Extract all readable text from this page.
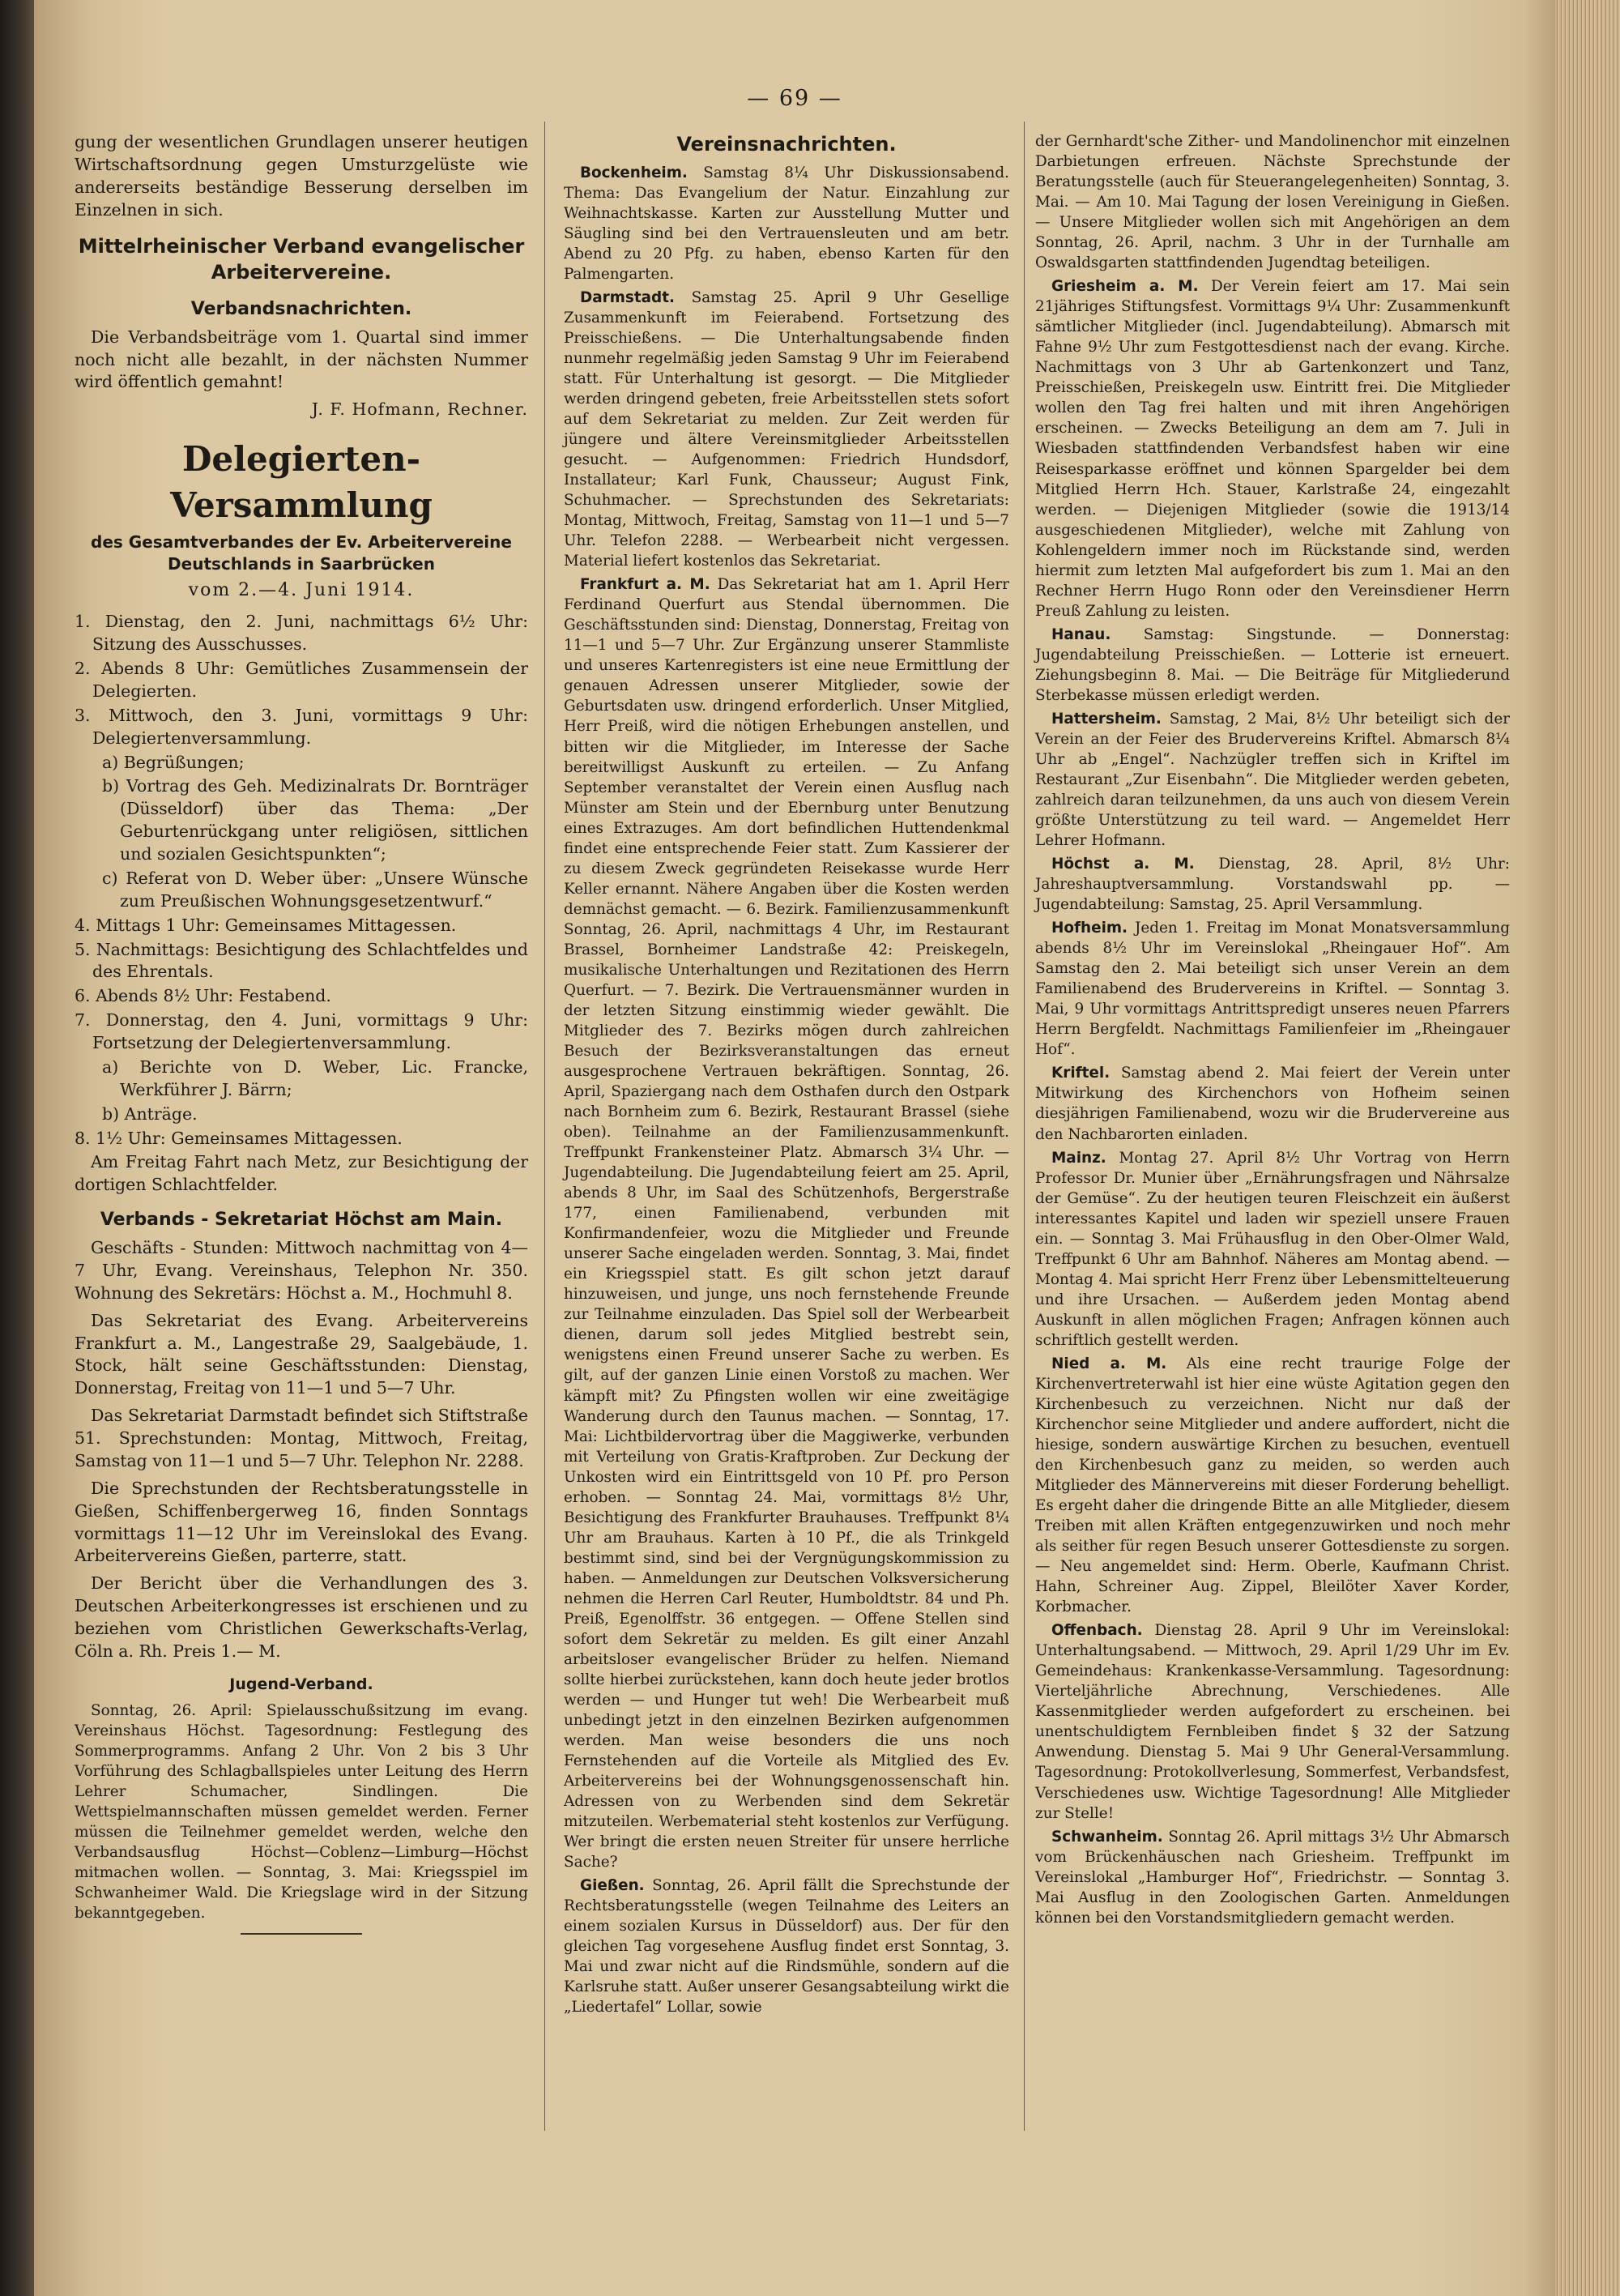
— 69 —

gung der wesentlichen Grundlagen unserer heutigen Wirtschaftsordnung gegen Umsturzgelüste wie andererseits beständige Besserung derselben im Einzelnen in sich.

Mittelrheinischer Verband evangelischer Arbeitervereine.
Verbandsnachrichten.

Die Verbandsbeiträge vom 1. Quartal sind immer noch nicht alle bezahlt, in der nächsten Nummer wird öffentlich gemahnt!

J. F. Hofmann, Rechner.
Delegierten-Versammlung
des Gesamtverbandes der Ev. Arbeitervereine Deutschlands in Saarbrücken
vom 2.—4. Juni 1914.
1. Dienstag, den 2. Juni, nachmittags 6½ Uhr: Sitzung des Ausschusses.
2. Abends 8 Uhr: Gemütliches Zusammensein der Delegierten.
3. Mittwoch, den 3. Juni, vormittags 9 Uhr: Delegiertenversammlung.
a) Begrüßungen;
b) Vortrag des Geh. Medizinalrats Dr. Bornträger (Düsseldorf) über das Thema: „Der Geburtenrückgang unter religiösen, sittlichen und sozialen Gesichtspunkten“;
c) Referat von D. Weber über: „Unsere Wünsche zum Preußischen Wohnungsgesetzentwurf.“
4. Mittags 1 Uhr: Gemeinsames Mittagessen.
5. Nachmittags: Besichtigung des Schlachtfeldes und des Ehrentals.
6. Abends 8½ Uhr: Festabend.
7. Donnerstag, den 4. Juni, vormittags 9 Uhr: Fortsetzung der Delegiertenversammlung.
a) Berichte von D. Weber, Lic. Francke, Werkführer J. Bärrn;
b) Anträge.
8. 1½ Uhr: Gemeinsames Mittagessen.

Am Freitag Fahrt nach Metz, zur Besichtigung der dortigen Schlachtfelder.

Verbands - Sekretariat Höchst am Main.

Geschäfts - Stunden: Mittwoch nachmittag von 4—7 Uhr, Evang. Vereinshaus, Telephon Nr. 350. Wohnung des Sekretärs: Höchst a. M., Hochmuhl 8.

Das Sekretariat des Evang. Arbeitervereins Frankfurt a. M., Langestraße 29, Saalgebäude, 1. Stock, hält seine Geschäftsstunden: Dienstag, Donnerstag, Freitag von 11—1 und 5—7 Uhr.

Das Sekretariat Darmstadt befindet sich Stiftstraße 51. Sprechstunden: Montag, Mittwoch, Freitag, Samstag von 11—1 und 5—7 Uhr. Telephon Nr. 2288.

Die Sprechstunden der Rechtsberatungsstelle in Gießen, Schiffenbergerweg 16, finden Sonntags vormittags 11—12 Uhr im Vereinslokal des Evang. Arbeitervereins Gießen, parterre, statt.

Der Bericht über die Verhandlungen des 3. Deutschen Arbeiterkongresses ist erschienen und zu beziehen vom Christlichen Gewerkschafts-Verlag, Cöln a. Rh. Preis 1.— M.

Jugend-Verband.

Sonntag, 26. April: Spielausschußsitzung im evang. Vereinshaus Höchst. Tagesordnung: Festlegung des Sommerprogramms. Anfang 2 Uhr. Von 2 bis 3 Uhr Vorführung des Schlagballspieles unter Leitung des Herrn Lehrer Schumacher, Sindlingen. Die Wettspielmannschaften müssen gemeldet werden. Ferner müssen die Teilnehmer gemeldet werden, welche den Verbandsausflug Höchst—Coblenz—Limburg—Höchst mitmachen wollen. — Sonntag, 3. Mai: Kriegsspiel im Schwanheimer Wald. Die Kriegslage wird in der Sitzung bekanntgegeben.

Vereinsnachrichten.

Bockenheim. Samstag 8¼ Uhr Diskussionsabend. Thema: Das Evangelium der Natur. Einzahlung zur Weihnachtskasse. Karten zur Ausstellung Mutter und Säugling sind bei den Vertrauensleuten und am betr. Abend zu 20 Pfg. zu haben, ebenso Karten für den Palmengarten.

Darmstadt. Samstag 25. April 9 Uhr Gesellige Zusammenkunft im Feierabend. Fortsetzung des Preisschießens. — Die Unterhaltungsabende finden nunmehr regelmäßig jeden Samstag 9 Uhr im Feierabend statt. Für Unterhaltung ist gesorgt. — Die Mitglieder werden dringend gebeten, freie Arbeitsstellen stets sofort auf dem Sekretariat zu melden. Zur Zeit werden für jüngere und ältere Vereinsmitglieder Arbeitsstellen gesucht. — Aufgenommen: Friedrich Hundsdorf, Installateur; Karl Funk, Chausseur; August Fink, Schuhmacher. — Sprechstunden des Sekretariats: Montag, Mittwoch, Freitag, Samstag von 11—1 und 5—7 Uhr. Telefon 2288. — Werbearbeit nicht vergessen. Material liefert kostenlos das Sekretariat.

Frankfurt a. M. Das Sekretariat hat am 1. April Herr Ferdinand Querfurt aus Stendal übernommen. Die Geschäftsstunden sind: Dienstag, Donnerstag, Freitag von 11—1 und 5—7 Uhr. Zur Ergänzung unserer Stammliste und unseres Kartenregisters ist eine neue Ermittlung der genauen Adressen unserer Mitglieder, sowie der Geburtsdaten usw. dringend erforderlich. Unser Mitglied, Herr Preiß, wird die nötigen Erhebungen anstellen, und bitten wir die Mitglieder, im Interesse der Sache bereitwilligst Auskunft zu erteilen. — Zu Anfang September veranstaltet der Verein einen Ausflug nach Münster am Stein und der Ebernburg unter Benutzung eines Extrazuges. Am dort befindlichen Huttendenkmal findet eine entsprechende Feier statt. Zum Kassierer der zu diesem Zweck gegründeten Reisekasse wurde Herr Keller ernannt. Nähere Angaben über die Kosten werden demnächst gemacht. — 6. Bezirk. Familienzusammenkunft Sonntag, 26. April, nachmittags 4 Uhr, im Restaurant Brassel, Bornheimer Landstraße 42: Preiskegeln, musikalische Unterhaltungen und Rezitationen des Herrn Querfurt. — 7. Bezirk. Die Vertrauensmänner wurden in der letzten Sitzung einstimmig wieder gewählt. Die Mitglieder des 7. Bezirks mögen durch zahlreichen Besuch der Bezirksveranstaltungen das erneut ausgesprochene Vertrauen bekräftigen. Sonntag, 26. April, Spaziergang nach dem Osthafen durch den Ostpark nach Bornheim zum 6. Bezirk, Restaurant Brassel (siehe oben). Teilnahme an der Familienzusammenkunft. Treffpunkt Frankensteiner Platz. Abmarsch 3¼ Uhr. — Jugendabteilung. Die Jugendabteilung feiert am 25. April, abends 8 Uhr, im Saal des Schützenhofs, Bergerstraße 177, einen Familienabend, verbunden mit Konfirmandenfeier, wozu die Mitglieder und Freunde unserer Sache eingeladen werden. Sonntag, 3. Mai, findet ein Kriegsspiel statt. Es gilt schon jetzt darauf hinzuweisen, und junge, uns noch fernstehende Freunde zur Teilnahme einzuladen. Das Spiel soll der Werbearbeit dienen, darum soll jedes Mitglied bestrebt sein, wenigstens einen Freund unserer Sache zu werben. Es gilt, auf der ganzen Linie einen Vorstoß zu machen. Wer kämpft mit? Zu Pfingsten wollen wir eine zweitägige Wanderung durch den Taunus machen. — Sonntag, 17. Mai: Lichtbildervortrag über die Maggiwerke, verbunden mit Verteilung von Gratis-Kraftproben. Zur Deckung der Unkosten wird ein Eintrittsgeld von 10 Pf. pro Person erhoben. — Sonntag 24. Mai, vormittags 8½ Uhr, Besichtigung des Frankfurter Brauhauses. Treffpunkt 8¼ Uhr am Brauhaus. Karten à 10 Pf., die als Trinkgeld bestimmt sind, sind bei der Vergnügungskommission zu haben. — Anmeldungen zur Deutschen Volksversicherung nehmen die Herren Carl Reuter, Humboldtstr. 84 und Ph. Preiß, Egenolffstr. 36 entgegen. — Offene Stellen sind sofort dem Sekretär zu melden. Es gilt einer Anzahl arbeitsloser evangelischer Brüder zu helfen. Niemand sollte hierbei zurückstehen, kann doch heute jeder brotlos werden — und Hunger tut weh! Die Werbearbeit muß unbedingt jetzt in den einzelnen Bezirken aufgenommen werden. Man weise besonders die uns noch Fernstehenden auf die Vorteile als Mitglied des Ev. Arbeitervereins bei der Wohnungsgenossenschaft hin. Adressen von zu Werbenden sind dem Sekretär mitzuteilen. Werbematerial steht kostenlos zur Verfügung. Wer bringt die ersten neuen Streiter für unsere herrliche Sache?

Gießen. Sonntag, 26. April fällt die Sprechstunde der Rechtsberatungsstelle (wegen Teilnahme des Leiters an einem sozialen Kursus in Düsseldorf) aus. Der für den gleichen Tag vorgesehene Ausflug findet erst Sonntag, 3. Mai und zwar nicht auf die Rindsmühle, sondern auf die Karlsruhe statt. Außer unserer Gesangsabteilung wirkt die „Liedertafel“ Lollar, sowie

der Gernhardt'sche Zither- und Mandolinenchor mit einzelnen Darbietungen erfreuen. Nächste Sprechstunde der Beratungsstelle (auch für Steuerangelegenheiten) Sonntag, 3. Mai. — Am 10. Mai Tagung der losen Vereinigung in Gießen. — Unsere Mitglieder wollen sich mit Angehörigen an dem Sonntag, 26. April, nachm. 3 Uhr in der Turnhalle am Oswaldsgarten stattfindenden Jugendtag beteiligen.

Griesheim a. M. Der Verein feiert am 17. Mai sein 21jähriges Stiftungsfest. Vormittags 9¼ Uhr: Zusammenkunft sämtlicher Mitglieder (incl. Jugendabteilung). Abmarsch mit Fahne 9½ Uhr zum Festgottesdienst nach der evang. Kirche. Nachmittags von 3 Uhr ab Gartenkonzert und Tanz, Preisschießen, Preiskegeln usw. Eintritt frei. Die Mitglieder wollen den Tag frei halten und mit ihren Angehörigen erscheinen. — Zwecks Beteiligung an dem am 7. Juli in Wiesbaden stattfindenden Verbandsfest haben wir eine Reisesparkasse eröffnet und können Spargelder bei dem Mitglied Herrn Hch. Stauer, Karlstraße 24, eingezahlt werden. — Diejenigen Mitglieder (sowie die 1913/14 ausgeschiedenen Mitglieder), welche mit Zahlung von Kohlengeldern immer noch im Rückstande sind, werden hiermit zum letzten Mal aufgefordert bis zum 1. Mai an den Rechner Herrn Hugo Ronn oder den Vereinsdiener Herrn Preuß Zahlung zu leisten.

Hanau. Samstag: Singstunde. — Donnerstag: Jugendabteilung Preisschießen. — Lotterie ist erneuert. Ziehungsbeginn 8. Mai. — Die Beiträge für Mitgliederund Sterbekasse müssen erledigt werden.

Hattersheim. Samstag, 2 Mai, 8½ Uhr beteiligt sich der Verein an der Feier des Brudervereins Kriftel. Abmarsch 8¼ Uhr ab „Engel“. Nachzügler treffen sich in Kriftel im Restaurant „Zur Eisenbahn“. Die Mitglieder werden gebeten, zahlreich daran teilzunehmen, da uns auch von diesem Verein größte Unterstützung zu teil ward. — Angemeldet Herr Lehrer Hofmann.

Höchst a. M. Dienstag, 28. April, 8½ Uhr: Jahreshauptversammlung. Vorstandswahl pp. — Jugendabteilung: Samstag, 25. April Versammlung.

Hofheim. Jeden 1. Freitag im Monat Monatsversammlung abends 8½ Uhr im Vereinslokal „Rheingauer Hof“. Am Samstag den 2. Mai beteiligt sich unser Verein an dem Familienabend des Brudervereins in Kriftel. — Sonntag 3. Mai, 9 Uhr vormittags Antrittspredigt unseres neuen Pfarrers Herrn Bergfeldt. Nachmittags Familienfeier im „Rheingauer Hof“.

Kriftel. Samstag abend 2. Mai feiert der Verein unter Mitwirkung des Kirchenchors von Hofheim seinen diesjährigen Familienabend, wozu wir die Brudervereine aus den Nachbarorten einladen.

Mainz. Montag 27. April 8½ Uhr Vortrag von Herrn Professor Dr. Munier über „Ernährungsfragen und Nährsalze der Gemüse“. Zu der heutigen teuren Fleischzeit ein äußerst interessantes Kapitel und laden wir speziell unsere Frauen ein. — Sonntag 3. Mai Frühausflug in den Ober-Olmer Wald, Treffpunkt 6 Uhr am Bahnhof. Näheres am Montag abend. — Montag 4. Mai spricht Herr Frenz über Lebensmittelteuerung und ihre Ursachen. — Außerdem jeden Montag abend Auskunft in allen möglichen Fragen; Anfragen können auch schriftlich gestellt werden.

Nied a. M. Als eine recht traurige Folge der Kirchenvertreterwahl ist hier eine wüste Agitation gegen den Kirchenbesuch zu verzeichnen. Nicht nur daß der Kirchenchor seine Mitglieder und andere auffordert, nicht die hiesige, sondern auswärtige Kirchen zu besuchen, eventuell den Kirchenbesuch ganz zu meiden, so werden auch Mitglieder des Männervereins mit dieser Forderung behelligt. Es ergeht daher die dringende Bitte an alle Mitglieder, diesem Treiben mit allen Kräften entgegenzuwirken und noch mehr als seither für regen Besuch unserer Gottesdienste zu sorgen. — Neu angemeldet sind: Herm. Oberle, Kaufmann Christ. Hahn, Schreiner Aug. Zippel, Bleilöter Xaver Korder, Korbmacher.

Offenbach. Dienstag 28. April 9 Uhr im Vereinslokal: Unterhaltungsabend. — Mittwoch, 29. April 1/29 Uhr im Ev. Gemeindehaus: Krankenkasse-Versammlung. Tagesordnung: Vierteljährliche Abrechnung, Verschiedenes. Alle Kassenmitglieder werden aufgefordert zu erscheinen. bei unentschuldigtem Fernbleiben findet § 32 der Satzung Anwendung. Dienstag 5. Mai 9 Uhr General-Versammlung. Tagesordnung: Protokollverlesung, Sommerfest, Verbandsfest, Verschiedenes usw. Wichtige Tagesordnung! Alle Mitglieder zur Stelle!

Schwanheim. Sonntag 26. April mittags 3½ Uhr Abmarsch vom Brückenhäuschen nach Griesheim. Treffpunkt im Vereinslokal „Hamburger Hof“, Friedrichstr. — Sonntag 3. Mai Ausflug in den Zoologischen Garten. Anmeldungen können bei den Vorstandsmitgliedern gemacht werden.
